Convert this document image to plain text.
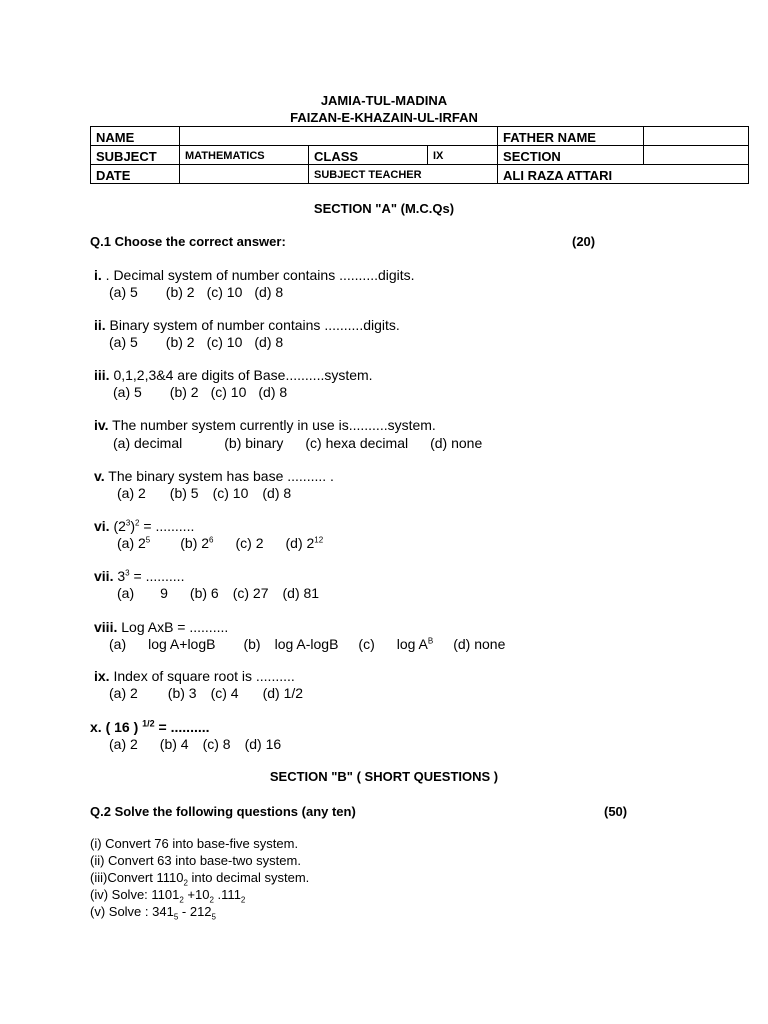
JAMIA-TUL-MADINA
FAIZAN-E-KHAZAIN-UL-IRFAN
NAME				FATHER NAME	
SUBJECT	MATHEMATICS	CLASS	IX	SECTION	
DATE		SUBJECT TEACHER		ALI RAZA ATTARI	
SECTION "A" (M.C.Qs)
Q.1 Choose the correct answer:	(20)
i. . Decimal system of number contains ..........digits.
(a) 5 (b) 2 (c) 10 (d) 8
ii. Binary system of number contains ..........digits.
(a) 5 (b) 2 (c) 10 (d) 8
iii. 0,1,2,3&4 are digits of Base..........system.
(a) 5 (b) 2 (c) 10 (d) 8
iv. The number system currently in use is..........system.
(a) decimal	(b) binary (c) hexa decimal (d) none
v. The binary system has base .......... .
(a) 2 (b) 5 (c) 10 (d) 8
vi. $(2^3)^2$ = ..........
(a) $2^5$ (b) $2^6$ (c) 2 (d) $2^{12}$
vii. $3^3$ = ..........
(a) 9 (b) 6 (c) 27 (d) 81
viii. Log AxB = ..........
(a) log A+logB (b) log A-logB (c) $\log A^B$ (d) none
ix. Index of square root is ..........
(a) 2 (b) 3 (c) 4 (d) 1/2
x. ( 16 ) $^{1/2}$ = ..........
(a) 2 (b) 4 (c) 8 (d) 16
SECTION "B" ( SHORT QUESTIONS )
Q.2 Solve the following questions (any ten)	(50)
(i) Convert 76 into base-five system.
(ii) Convert 63 into base-two system.
(iii)Convert $1110_2$ into decimal system.
(iv) Solve: $1101_2 +10_2$ $.111_2$
(v) Solve : $341_5 - 212_5$
